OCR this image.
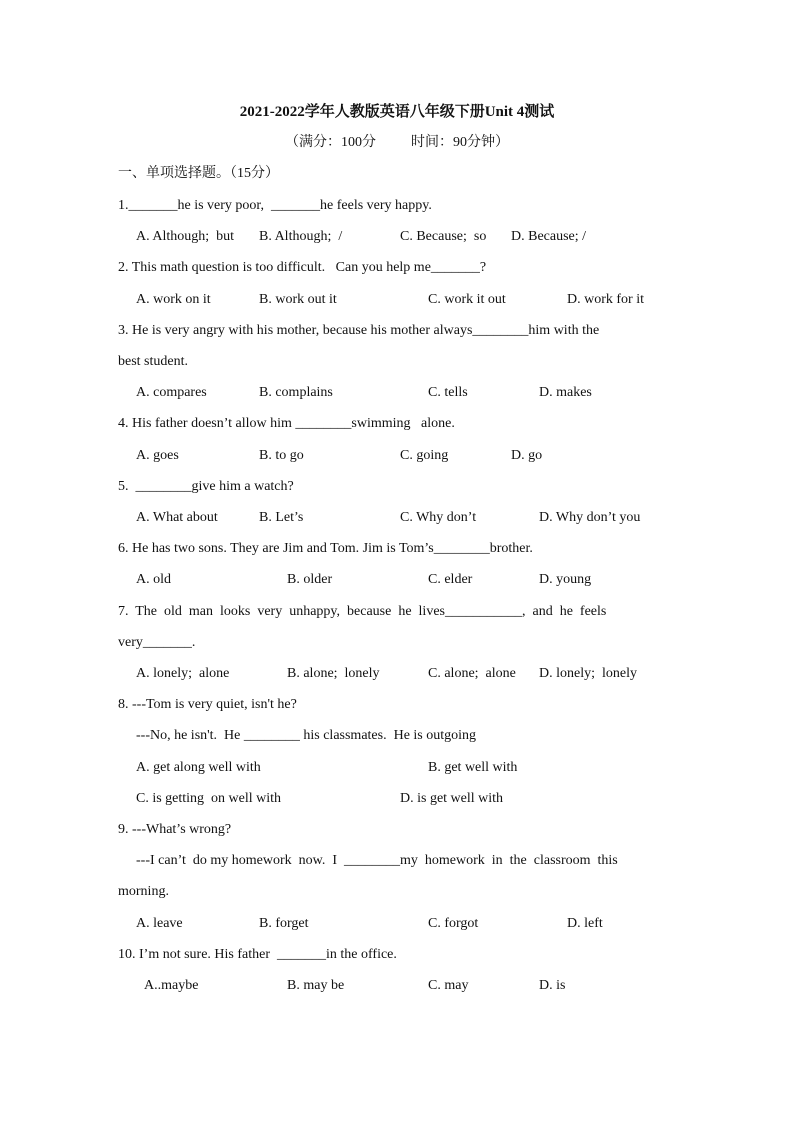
2021-2022学年人教版英语八年级下册Unit 4测试
（满分：100分          时间：90分钟）
一、单项选择题。（15分）
1._______he is very poor,  _______he feels very happy.
A. Although;  but B. Although;  /	C. Because;  so D. Because; /
2. This math question is too difficult.   Can you help me_______?
A. work on it	B. work out it	C. work it out	D. work for it
3. He is very angry with his mother, because his mother always________him with the
best student.
A. compares	B. complains	C. tells	D. makes
4. His father doesn’t allow him ________swimming   alone.
A. goes	B. to go	C. going	D. go
5.  ________give him a watch?
A. What about	B. Let’s	C. Why don’t	D. Why don’t you
6. He has two sons. They are Jim and Tom. Jim is Tom’s________brother.
A. old	B. older	C. elder	D. young
7.  The  old  man  looks  very  unhappy,  because  he  lives___________,  and  he  feels
very_______.
A. lonely;  alone	B. alone;  lonely	C. alone;  alone D. lonely;  lonely
8. ---Tom is very quiet, isn't he?
---No, he isn't.  He ________ his classmates.  He is outgoing
A. get along well with	B. get well with
C. is getting  on well with	D. is get well with
9. ---What’s wrong?
---I can’t  do my homework  now.  I  ________my  homework  in  the  classroom  this
morning.
A. leave	B. forget	C. forgot	D. left
10. I’m not sure. His father  _______in the office.
A..maybe	B. may be	C. may	D. is
